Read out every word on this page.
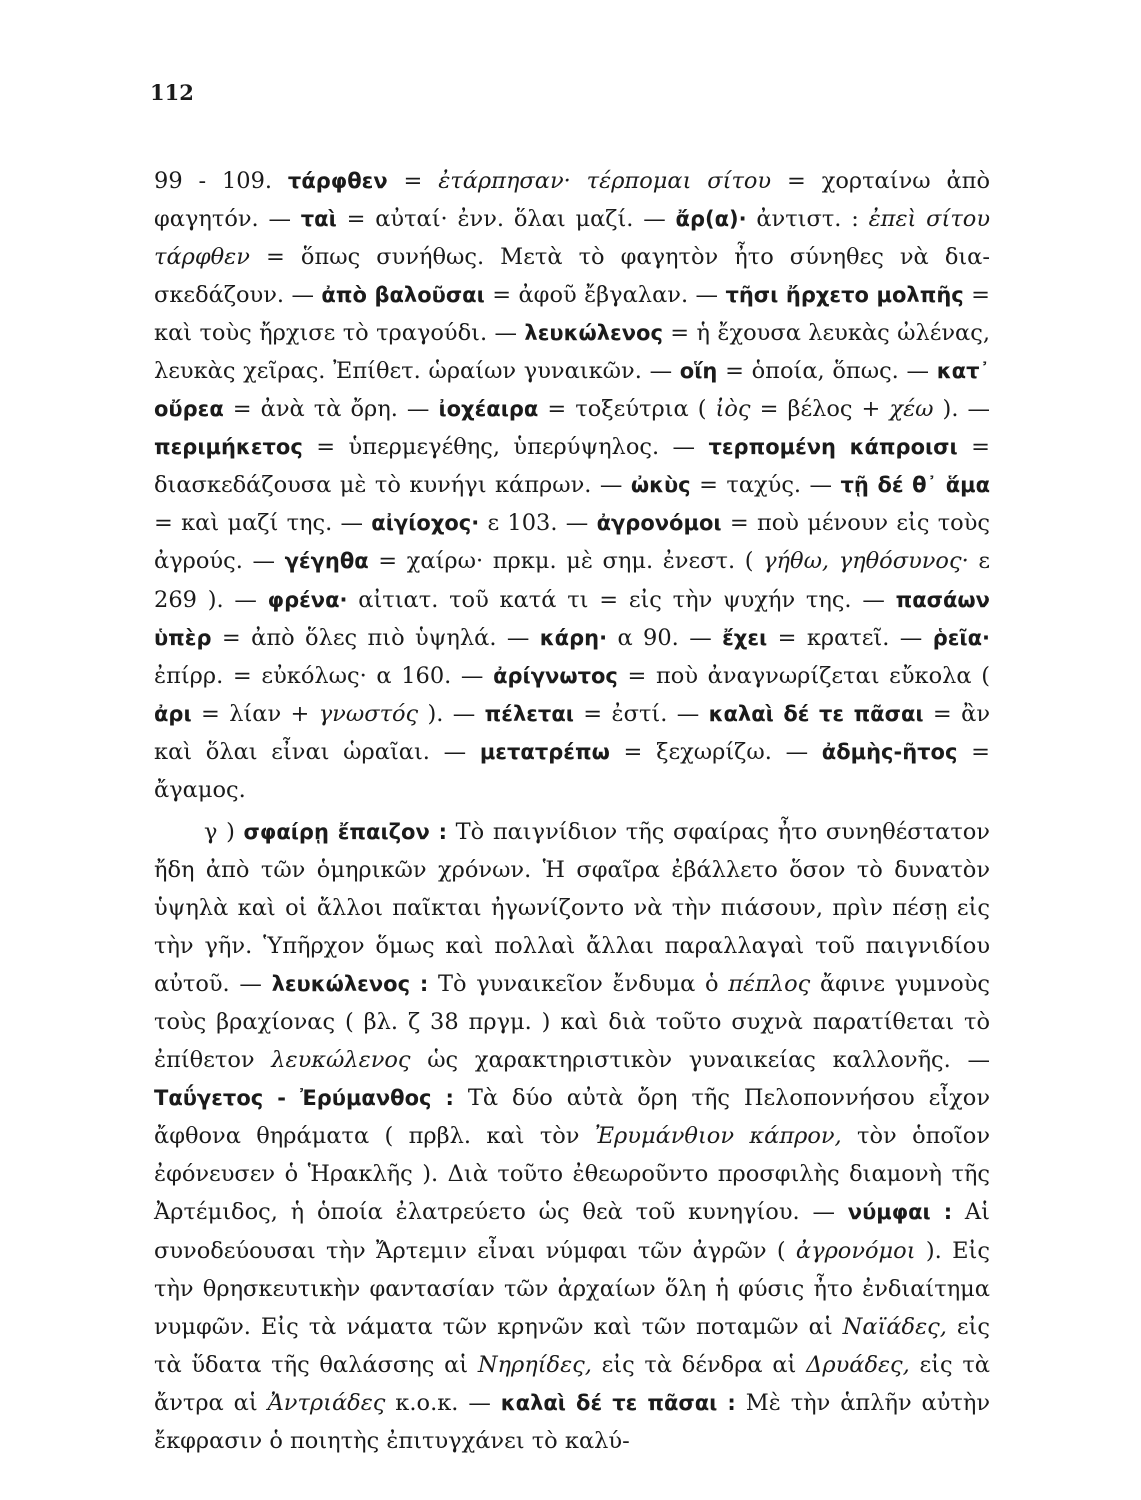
112

99 - 109. τάρφθεν = ἐτάρπησαν· τέρπομαι σίτου = χορταίνω ἀπὸ φαγητόν. — ταὶ = αὐταί· ἐνν. ὅλαι μαζί. — ἄρ(α)· ἀντιστ. : ἐπεὶ σίτου τάρφθεν = ὅπως συνήθως. Μετὰ τὸ φαγητὸν ἦτο σύνηθες νὰ διασκεδάζουν. — ἀπὸ βαλοῦσαι = ἀφοῦ ἔβγαλαν. — τῆσι ἤρχετο μολπῆς = καὶ τοὺς ἤρχισε τὸ τραγούδι. — λευκώλενος = ἡ ἔχουσα λευκὰς ὠλένας, λευκὰς χεῖρας. Ἐπίθετ. ὡραίων γυναικῶν. — οἵη = ὁποία, ὅπως. — κατ᾽ οὔρεα = ἀνὰ τὰ ὄρη. — ἰοχέαιρα = τοξεύτρια ( ἰὸς = βέλος + χέω ). — περιμήκετος = ὑπερμεγέθης, ὑπερύψηλος. — τερπομένη κάπροισι = διασκεδάζουσα μὲ τὸ κυνήγι κάπρων. — ὠκὺς = ταχύς. — τῇ δέ θ᾽ ἅμα = καὶ μαζί της. — αἰγίοχος· ε 103. — ἀγρονόμοι = ποὺ μένουν εἰς τοὺς ἀγρούς. — γέγηθα = χαίρω· πρκμ. μὲ σημ. ἐνεστ. ( γήθω, γηθόσυνος· ε 269 ). — φρένα· αἰτιατ. τοῦ κατά τι = εἰς τὴν ψυχήν της. — πασάων ὑπὲρ = ἀπὸ ὅλες πιὸ ὑψηλά. — κάρη· α 90. — ἔχει = κρατεῖ. — ῥεῖα· ἐπίρρ. = εὐκόλως· α 160. — ἀρίγνωτος = ποὺ ἀναγνωρίζεται εὔκολα ( ἀρι = λίαν + γνωστός ). — πέλεται = ἐστί. — καλαὶ δέ τε πᾶσαι = ἂν καὶ ὅλαι εἶναι ὡραῖαι. — μετατρέπω = ξεχωρίζω. — ἀδμὴς-ῆτος = ἄγαμος.

γ ) σφαίρῃ ἔπαιζον : Τὸ παιγνίδιον τῆς σφαίρας ἦτο συνηθέστατον ἤδη ἀπὸ τῶν ὁμηρικῶν χρόνων. Ἡ σφαῖρα ἐβάλλετο ὅσον τὸ δυνατὸν ὑψηλὰ καὶ οἱ ἄλλοι παῖκται ἠγωνίζοντο νὰ τὴν πιάσουν, πρὶν πέσῃ εἰς τὴν γῆν. Ὑπῆρχον ὅμως καὶ πολλαὶ ἄλλαι παραλλαγαὶ τοῦ παιγνιδίου αὐτοῦ. — λευκώλενος : Τὸ γυναικεῖον ἔνδυμα ὁ πέπλος ἄφινε γυμνοὺς τοὺς βραχίονας ( βλ. ζ 38 πργμ. ) καὶ διὰ τοῦτο συχνὰ παρατίθεται τὸ ἐπίθετον λευκώλενος ὡς χαρακτηριστικὸν γυναικείας καλλονῆς. — Ταΰγετος - Ἐρύμανθος : Τὰ δύο αὐτὰ ὄρη τῆς Πελοποννήσου εἶχον ἄφθονα θηράματα ( πρβλ. καὶ τὸν Ἐρυμάνθιον κάπρον, τὸν ὁποῖον ἐφόνευσεν ὁ Ἡρακλῆς ). Διὰ τοῦτο ἐθεωροῦντο προσφιλὴς διαμονὴ τῆς Ἀρτέμιδος, ἡ ὁποία ἐλατρεύετο ὡς θεὰ τοῦ κυνηγίου. — νύμφαι : Αἱ συνοδεύουσαι τὴν Ἄρτεμιν εἶναι νύμφαι τῶν ἀγρῶν ( ἀγρονόμοι ). Εἰς τὴν θρησκευτικὴν φαντασίαν τῶν ἀρχαίων ὅλη ἡ φύσις ἦτο ἐνδιαίτημα νυμφῶν. Εἰς τὰ νάματα τῶν κρηνῶν καὶ τῶν ποταμῶν αἱ Ναϊάδες, εἰς τὰ ὕδατα τῆς θαλάσσης αἱ Νηρηίδες, εἰς τὰ δένδρα αἱ Δρυάδες, εἰς τὰ ἄντρα αἱ Ἀντριάδες κ.ο.κ. — καλαὶ δέ τε πᾶσαι : Μὲ τὴν ἁπλῆν αὐτὴν ἔκφρασιν ὁ ποιητὴς ἐπιτυγχάνει τὸ καλύ-
